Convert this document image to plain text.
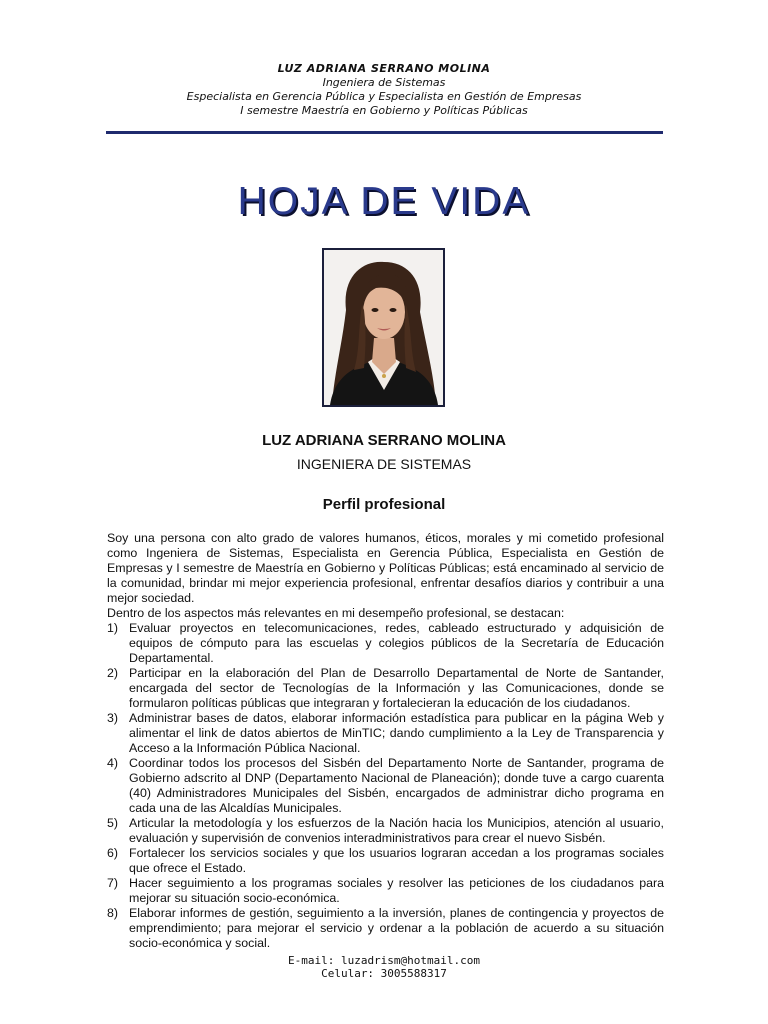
LUZ ADRIANA SERRANO MOLINA
Ingeniera de Sistemas
Especialista en Gerencia Pública y Especialista en Gestión de Empresas
I semestre Maestría en Gobierno y Políticas Públicas
HOJA DE VIDA
LUZ ADRIANA SERRANO MOLINA
INGENIERA DE SISTEMAS
Perfil profesional

Soy una persona con alto grado de valores humanos, éticos, morales y mi cometido profesional como Ingeniera de Sistemas, Especialista en Gerencia Pública, Especialista en Gestión de Empresas y I semestre de Maestría en Gobierno y Políticas Públicas; está encaminado al servicio de la comunidad, brindar mi mejor experiencia profesional, enfrentar desafíos diarios y contribuir a una mejor sociedad.

Dentro de los aspectos más relevantes en mi desempeño profesional, se destacan:

1) Evaluar proyectos en telecomunicaciones, redes, cableado estructurado y adquisición de equipos de cómputo para las escuelas y colegios públicos de la Secretaría de Educación Departamental.
2) Participar en la elaboración del Plan de Desarrollo Departamental de Norte de Santander, encargada del sector de Tecnologías de la Información y las Comunicaciones, donde se formularon políticas públicas que integraran y fortalecieran la educación de los ciudadanos.
3) Administrar bases de datos, elaborar información estadística para publicar en la página Web y alimentar el link de datos abiertos de MinTIC; dando cumplimiento a la Ley de Transparencia y Acceso a la Información Pública Nacional.
4) Coordinar todos los procesos del Sisbén del Departamento Norte de Santander, programa de Gobierno adscrito al DNP (Departamento Nacional de Planeación); donde tuve a cargo cuarenta (40) Administradores Municipales del Sisbén, encargados de administrar dicho programa en cada una de las Alcaldías Municipales.
5) Articular la metodología y los esfuerzos de la Nación hacia los Municipios, atención al usuario, evaluación y supervisión de convenios interadministrativos para crear el nuevo Sisbén.
6) Fortalecer los servicios sociales y que los usuarios lograran accedan a los programas sociales que ofrece el Estado.
7) Hacer seguimiento a los programas sociales y resolver las peticiones de los ciudadanos para mejorar su situación socio-económica.
8) Elaborar informes de gestión, seguimiento a la inversión, planes de contingencia y proyectos de emprendimiento; para mejorar el servicio y ordenar a la población de acuerdo a su situación socio-económica y social.
E-mail: luzadrism@hotmail.com
Celular: 3005588317
